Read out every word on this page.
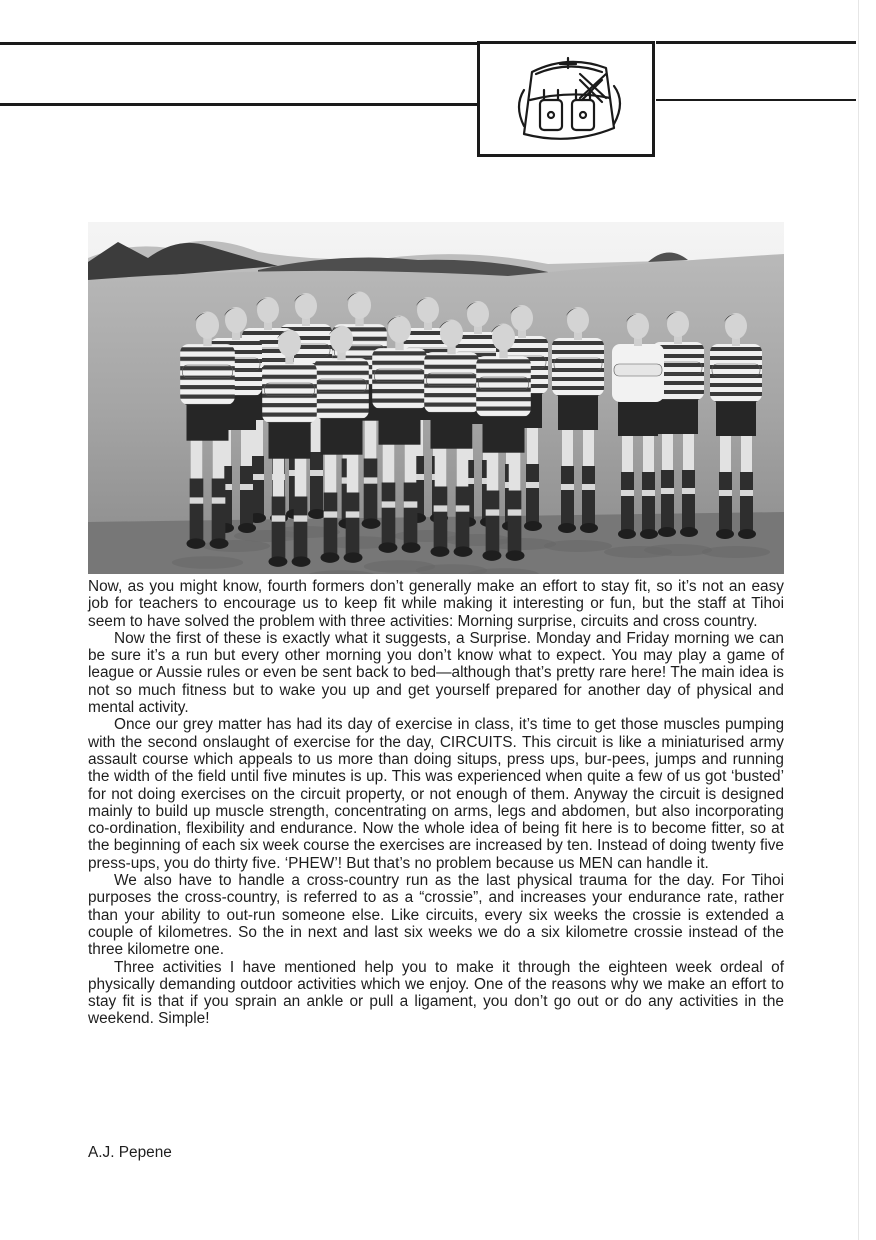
Now, as you might know, fourth formers don’t generally make an effort to stay fit, so it’s not an easy job for teachers to encourage us to keep fit while making it interesting or fun, but the staff at Tihoi seem to have solved the problem with three activities: Morning surprise, circuits and cross country.

Now the first of these is exactly what it suggests, a Surprise. Monday and Friday morning we can be sure it’s a run but every other morning you don’t know what to expect. You may play a game of league or Aussie rules or even be sent back to bed—although that’s pretty rare here! The main idea is not so much fitness but to wake you up and get yourself prepared for another day of physical and mental activity.

Once our grey matter has had its day of exercise in class, it’s time to get those muscles pumping with the second onslaught of exercise for the day, CIRCUITS. This circuit is like a miniaturised army assault course which appeals to us more than doing situps, press ups, bur-pees, jumps and running the width of the field until five minutes is up. This was experienced when quite a few of us got ‘busted’ for not doing exercises on the circuit property, or not enough of them. Anyway the circuit is designed mainly to build up muscle strength, concentrating on arms, legs and abdomen, but also incorporating co-ordination, flexibility and endurance. Now the whole idea of being fit here is to become fitter, so at the beginning of each six week course the exercises are increased by ten. Instead of doing twenty five press-ups, you do thirty five. ‘PHEW’! But that’s no problem because us MEN can handle it.

We also have to handle a cross-country run as the last physical trauma for the day. For Tihoi purposes the cross-country, is referred to as a “crossie”, and increases your endurance rate, rather than your ability to out-run someone else. Like circuits, every six weeks the crossie is extended a couple of kilometres. So the in next and last six weeks we do a six kilometre crossie instead of the three kilometre one.

Three activities I have mentioned help you to make it through the eighteen week ordeal of physically demanding outdoor activities which we enjoy. One of the reasons why we make an effort to stay fit is that if you sprain an ankle or pull a ligament, you don’t go out or do any activities in the weekend. Simple!

A.J. Pepene
